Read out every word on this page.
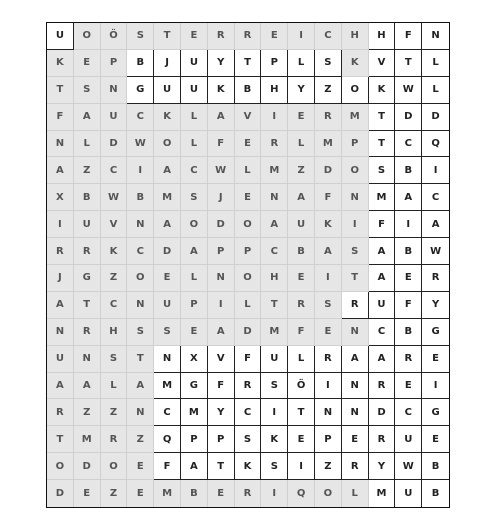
U	O	Ö	S	T	E	R	R	E	I	C	H	H	F	N
K	E	P	B	J	U	Y	T	P	L	S	K	V	T	L
T	S	N	G	U	U	K	B	H	Y	Z	O	K	W	L
F	A	U	C	K	L	A	V	I	E	R	M	T	D	D
N	L	D	W	O	L	F	E	R	L	M	P	T	C	Q
A	Z	C	I	A	C	W	L	M	Z	D	O	S	B	I
X	B	W	B	M	S	J	E	N	A	F	N	M	A	C
I	U	V	N	A	O	D	O	A	U	K	I	F	I	A
R	R	K	C	D	A	P	P	C	B	A	S	A	B	W
J	G	Z	O	E	L	N	O	H	E	I	T	A	E	R
A	T	C	N	U	P	I	L	T	R	S	R	U	F	Y
N	R	H	S	S	E	A	D	M	F	E	N	C	B	G
U	N	S	T	N	X	V	F	U	L	R	A	A	R	E
A	A	L	A	M	G	F	R	S	Ö	I	N	R	E	I
R	Z	Z	N	C	M	Y	C	I	T	N	N	D	C	G
T	M	R	Z	Q	P	P	S	K	E	P	E	R	U	E
O	D	O	E	F	A	T	K	S	I	Z	R	Y	W	B
D	E	Z	E	M	B	E	R	I	Q	O	L	M	U	B
